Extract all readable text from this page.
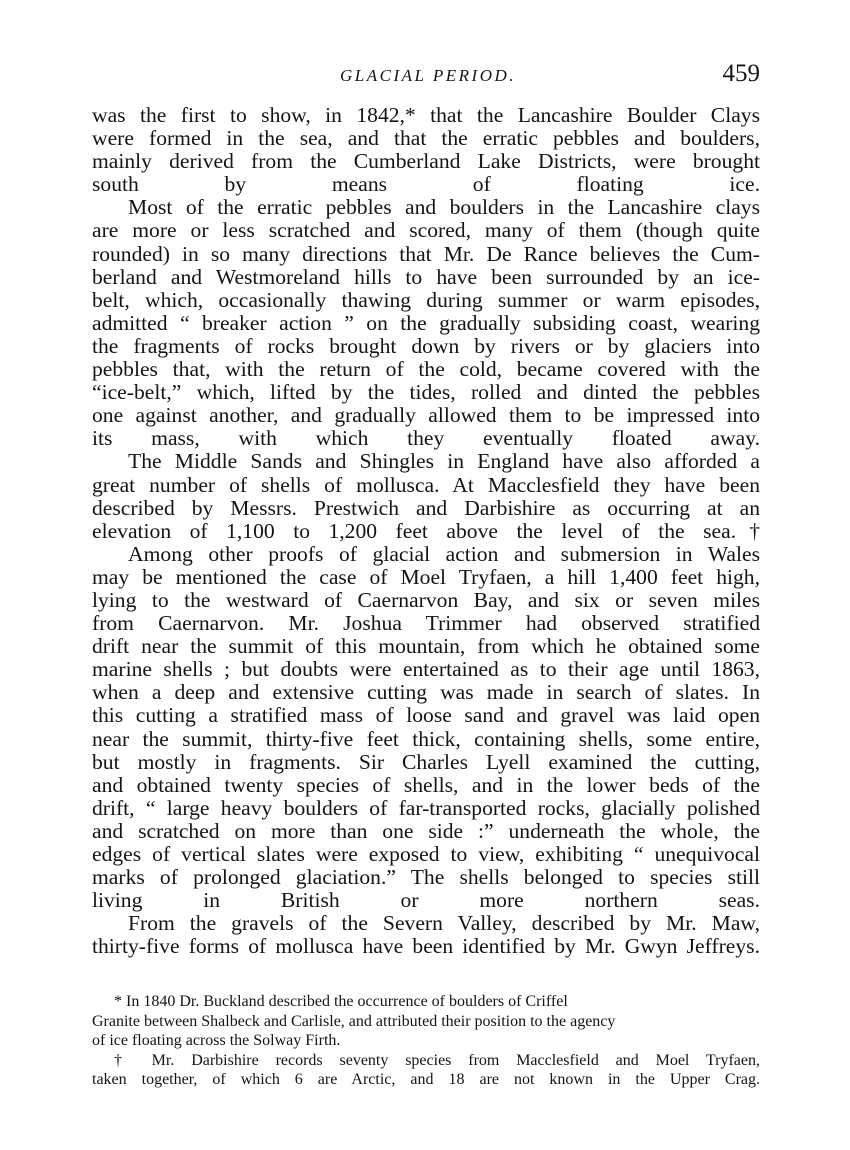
GLACIAL PERIOD.	459

was the first to show, in 1842,* that the Lancashire Boulder Clays
were formed in the sea, and that the erratic pebbles and boulders,
mainly derived from the Cumberland Lake Districts, were brought
south by means of floating ice.

Most of the erratic pebbles and boulders in the Lancashire clays
are more or less scratched and scored, many of them (though quite
rounded) in so many directions that Mr. De Rance believes the Cum-
berland and Westmoreland hills to have been surrounded by an ice-
belt, which, occasionally thawing during summer or warm episodes,
admitted “ breaker action ” on the gradually subsiding coast, wearing
the fragments of rocks brought down by rivers or by glaciers into
pebbles that, with the return of the cold, became covered with the
“ice-belt,” which, lifted by the tides, rolled and dinted the pebbles
one against another, and gradually allowed them to be impressed into
its mass, with which they eventually floated away.

The Middle Sands and Shingles in England have also afforded a
great number of shells of mollusca. At Macclesfield they have been
described by Messrs. Prestwich and Darbishire as occurring at an
elevation of 1,100 to 1,200 feet above the level of the sea.†

Among other proofs of glacial action and submersion in Wales
may be mentioned the case of Moel Tryfaen, a hill 1,400 feet high,
lying to the westward of Caernarvon Bay, and six or seven miles
from Caernarvon. Mr. Joshua Trimmer had observed stratified
drift near the summit of this mountain, from which he obtained some
marine shells ; but doubts were entertained as to their age until 1863,
when a deep and extensive cutting was made in search of slates. In
this cutting a stratified mass of loose sand and gravel was laid open
near the summit, thirty-five feet thick, containing shells, some entire,
but mostly in fragments. Sir Charles Lyell examined the cutting,
and obtained twenty species of shells, and in the lower beds of the
drift, “ large heavy boulders of far-transported rocks, glacially polished
and scratched on more than one side :” underneath the whole, the
edges of vertical slates were exposed to view, exhibiting “ unequivocal
marks of prolonged glaciation.” The shells belonged to species still
living in British or more northern seas.

From the gravels of the Severn Valley, described by Mr. Maw,
thirty-five forms of mollusca have been identified by Mr. Gwyn Jeffreys.

* In 1840 Dr. Buckland described the occurrence of boulders of Criffel
Granite between Shalbeck and Carlisle, and attributed their position to the agency
of ice floating across the Solway Firth.

† Mr. Darbishire records seventy species from Macclesfield and Moel Tryfaen,
taken together, of which 6 are Arctic, and 18 are not known in the Upper Crag.
